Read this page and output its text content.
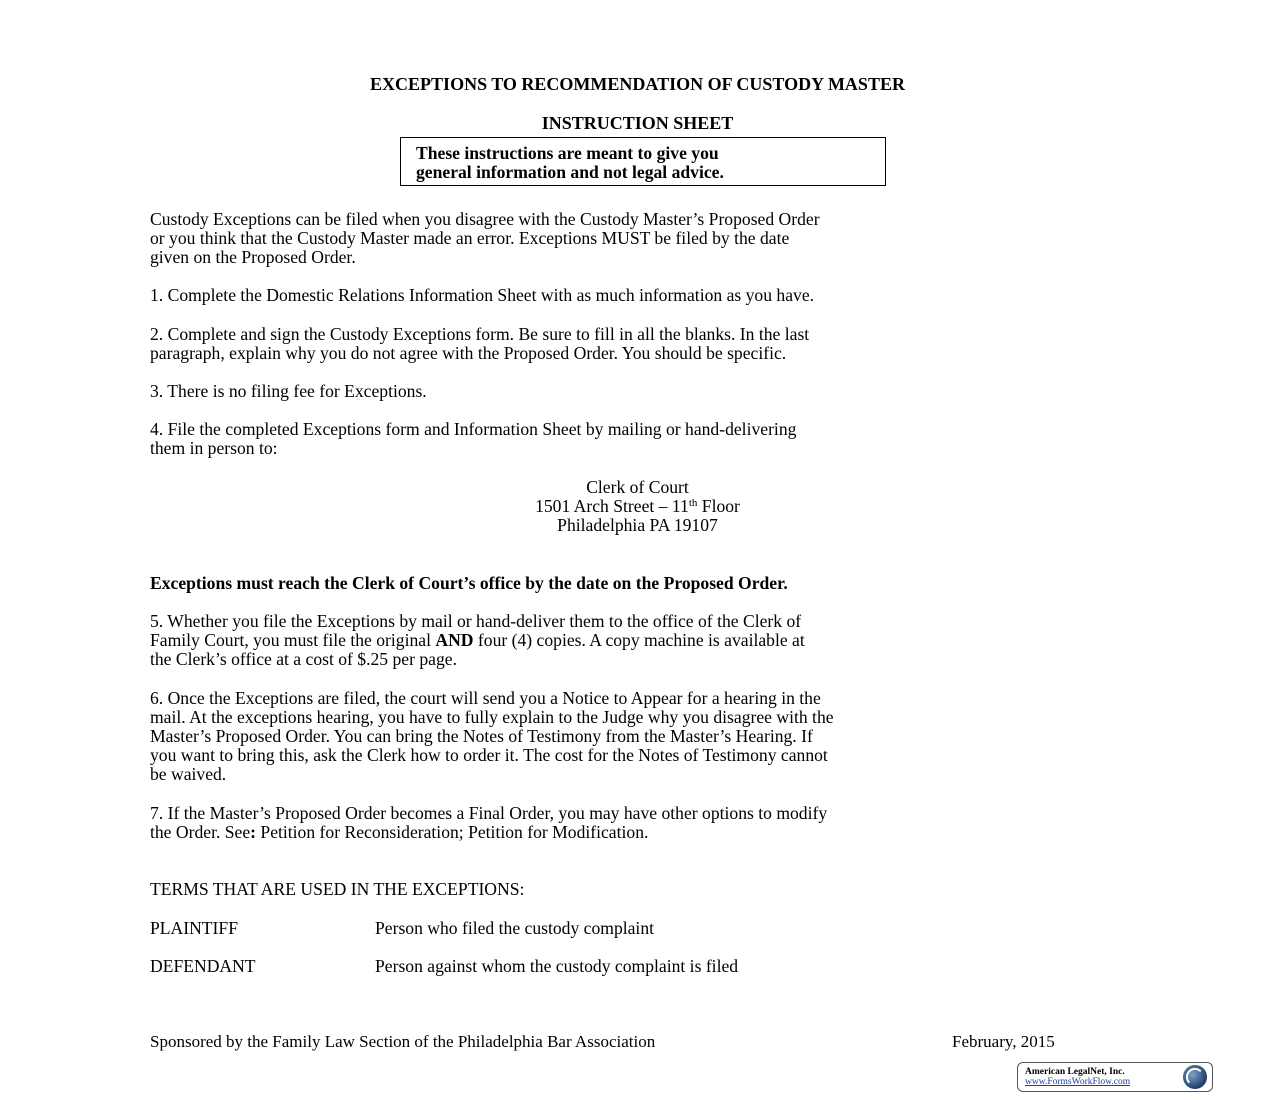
EXCEPTIONS TO RECOMMENDATION OF CUSTODY MASTER
INSTRUCTION SHEET
These instructions are meant to give you
general information and not legal advice.
Custody Exceptions can be filed when you disagree with the Custody Master’s Proposed Order
or you think that the Custody Master made an error. Exceptions MUST be filed by the date
given on the Proposed Order.
1. Complete the Domestic Relations Information Sheet with as much information as you have.
2. Complete and sign the Custody Exceptions form. Be sure to fill in all the blanks. In the last
paragraph, explain why you do not agree with the Proposed Order. You should be specific.
3. There is no filing fee for Exceptions.
4. File the completed Exceptions form and Information Sheet by mailing or hand-delivering
them in person to:
Clerk of Court
1501 Arch Street – 11th Floor
Philadelphia PA 19107
Exceptions must reach the Clerk of Court’s office by the date on the Proposed Order.
5. Whether you file the Exceptions by mail or hand-deliver them to the office of the Clerk of
Family Court, you must file the original AND four (4) copies. A copy machine is available at
the Clerk’s office at a cost of $.25 per page.
6. Once the Exceptions are filed, the court will send you a Notice to Appear for a hearing in the
mail. At the exceptions hearing, you have to fully explain to the Judge why you disagree with the
Master’s Proposed Order. You can bring the Notes of Testimony from the Master’s Hearing. If
you want to bring this, ask the Clerk how to order it. The cost for the Notes of Testimony cannot
be waived.
7. If the Master’s Proposed Order becomes a Final Order, you may have other options to modify
the Order. See: Petition for Reconsideration; Petition for Modification.
TERMS THAT ARE USED IN THE EXCEPTIONS:
PLAINTIFF	Person who filed the custody complaint
DEFENDANT	Person against whom the custody complaint is filed
Sponsored by the Family Law Section of the Philadelphia Bar Association	February, 2015
American LegalNet, Inc.
www.FormsWorkFlow.com
